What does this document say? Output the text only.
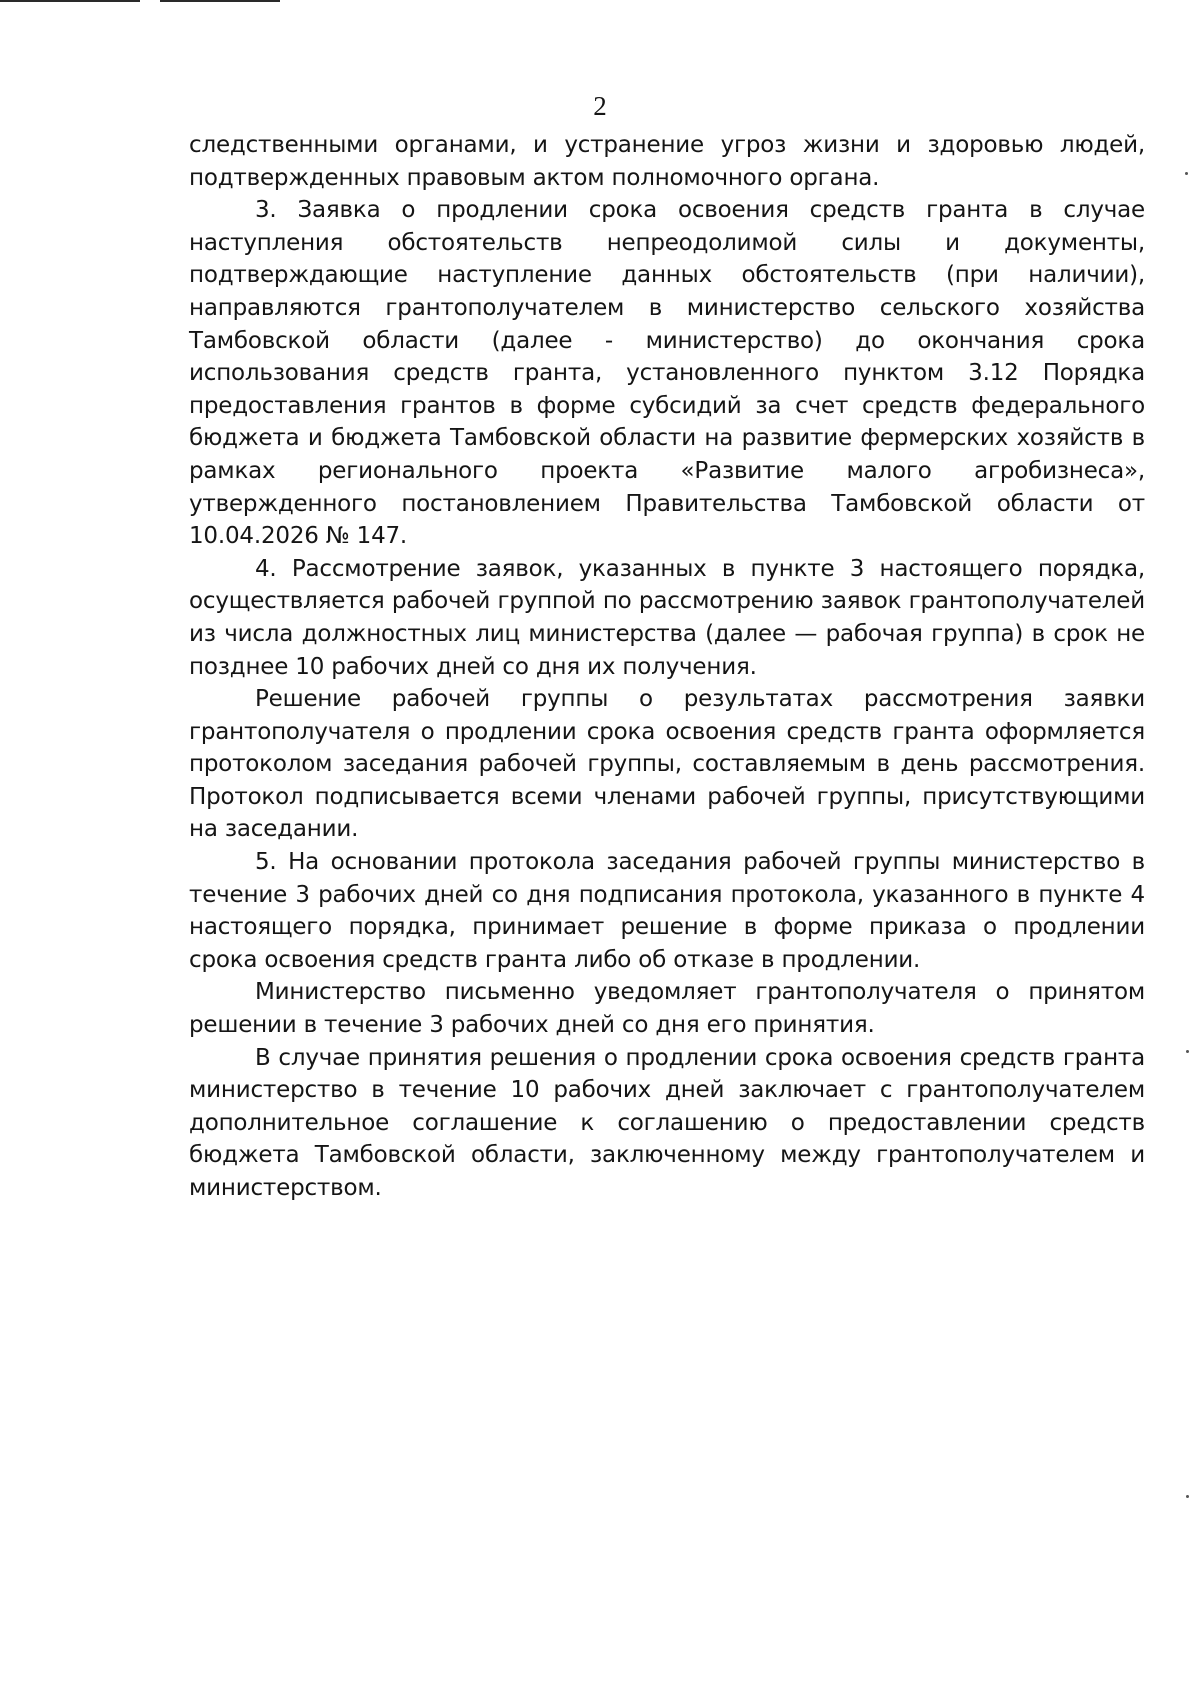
2

следственными органами, и устранение угроз жизни и здоровью людей, подтвержденных правовым актом полномочного органа.

3. Заявка о продлении срока освоения средств гранта в случае наступления обстоятельств непреодолимой силы и документы, подтверждающие наступление данных обстоятельств (при наличии), направляются грантополучателем в министерство сельского хозяйства Тамбовской области (далее - министерство) до окончания срока использования средств гранта, установленного пунктом 3.12 Порядка предоставления грантов в форме субсидий за счет средств федерального бюджета и бюджета Тамбовской области на развитие фермерских хозяйств в рамках регионального проекта «Развитие малого агробизнеса», утвержденного постановлением Правительства Тамбовской области от 10.04.2026 № 147.

4. Рассмотрение заявок, указанных в пункте 3 настоящего порядка, осуществляется рабочей группой по рассмотрению заявок грантополучателей из числа должностных лиц министерства (далее — рабочая группа) в срок не позднее 10 рабочих дней со дня их получения.

Решение рабочей группы о результатах рассмотрения заявки грантополучателя о продлении срока освоения средств гранта оформляется протоколом заседания рабочей группы, составляемым в день рассмотрения. Протокол подписывается всеми членами рабочей группы, присутствующими на заседании.

5. На основании протокола заседания рабочей группы министерство в течение 3 рабочих дней со дня подписания протокола, указанного в пункте 4 настоящего порядка, принимает решение в форме приказа о продлении срока освоения средств гранта либо об отказе в продлении.

Министерство письменно уведомляет грантополучателя о принятом решении в течение 3 рабочих дней со дня его принятия.

В случае принятия решения о продлении срока освоения средств гранта министерство в течение 10 рабочих дней заключает с грантополучателем дополнительное соглашение к соглашению о предоставлении средств бюджета Тамбовской области, заключенному между грантополучателем и министерством.
